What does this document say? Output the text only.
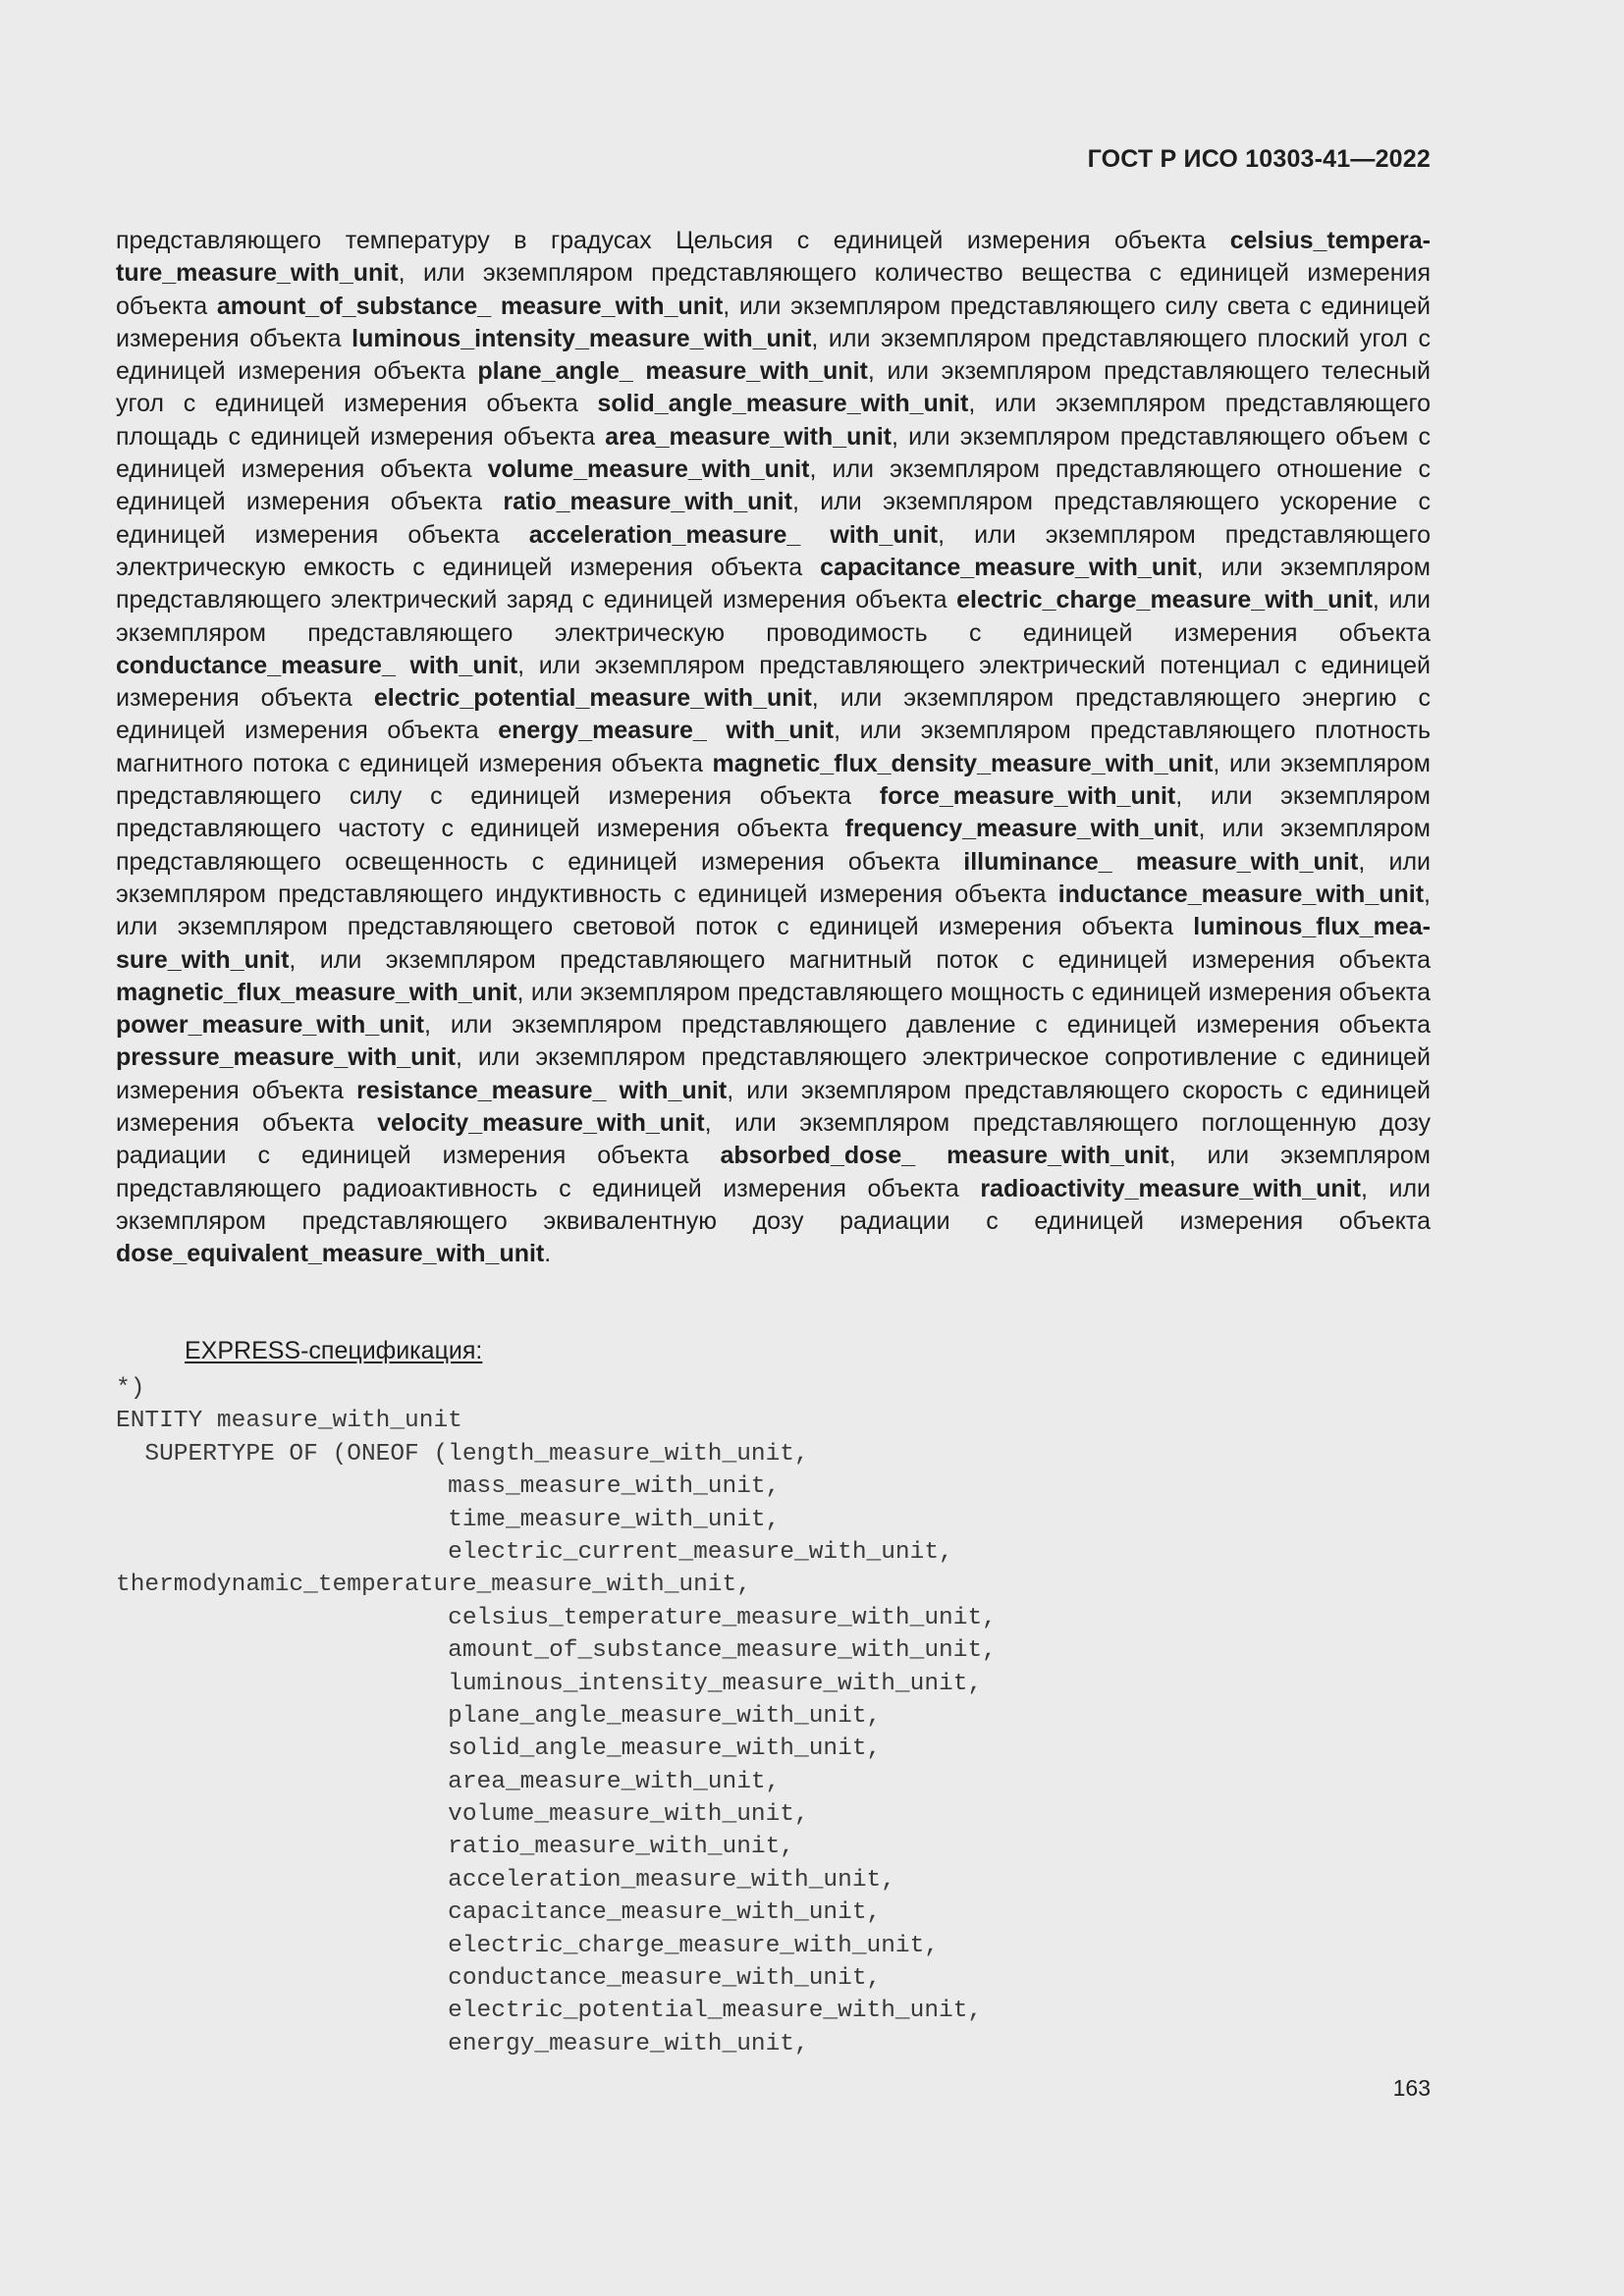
ГОСТ Р ИСО 10303-41—2022

представляющего температуру в градусах Цельсия с единицей измерения объекта celsius_temperature_measure_with_unit, или экземпляром представляющего количество вещества с единицей измерения объекта amount_of_substance_ measure_with_unit, или экземпляром представляющего силу света с единицей измерения объекта luminous_intensity_measure_with_unit, или экземпляром представляющего плоский угол с единицей измерения объекта plane_angle_ measure_with_unit, или экземпляром представляющего телесный угол с единицей измерения объекта solid_angle_measure_with_unit, или экземпляром представляющего площадь с единицей измерения объекта area_measure_with_unit, или экземпляром представляющего объем с единицей измерения объекта volume_measure_with_unit, или экземпляром представляющего отношение с единицей измерения объекта ratio_measure_with_unit, или экземпляром представляющего ускорение с единицей измерения объекта acceleration_measure_ with_unit, или экземпляром представляющего электрическую емкость с единицей измерения объекта capacitance_measure_with_unit, или экземпляром представляющего электрический заряд с единицей измерения объекта electric_charge_measure_with_unit, или экземпляром представляющего электрическую проводимость с единицей измерения объекта conductance_measure_ with_unit, или экземпляром представляющего электрический потенциал с единицей измерения объекта electric_potential_measure_with_unit, или экземпляром представляющего энергию с единицей измерения объекта energy_measure_ with_unit, или экземпляром представляющего плотность магнитного потока с единицей измерения объекта magnetic_flux_density_measure_with_unit, или экземпляром представляющего силу с единицей измерения объекта force_measure_with_unit, или экземпляром представляющего частоту с единицей измерения объекта frequency_measure_with_unit, или экземпляром представляющего освещенность с единицей измерения объекта illuminance_ measure_with_unit, или экземпляром представляющего индуктивность с единицей измерения объекта inductance_measure_with_unit, или экземпляром представляющего световой поток с единицей измерения объекта luminous_flux_measure_with_unit, или экземпляром представляющего магнитный поток с единицей измерения объекта magnetic_flux_measure_with_unit, или экземпляром представляющего мощность с единицей измерения объекта power_measure_with_unit, или экземпляром представляющего давление с единицей измерения объекта pressure_measure_with_unit, или экземпляром представляющего электрическое сопротивление с единицей измерения объекта resistance_measure_ with_unit, или экземпляром представляющего скорость с единицей измерения объекта velocity_measure_with_unit, или экземпляром представляющего поглощенную дозу радиации с единицей измерения объекта absorbed_dose_ measure_with_unit, или экземпляром представляющего радиоактивность с единицей измерения объекта radioactivity_measure_with_unit, или экземпляром представляющего эквивалентную дозу радиации с единицей измерения объекта dose_equivalent_measure_with_unit.

EXPRESS-спецификация:
*)
ENTITY measure_with_unit
SUPERTYPE OF (ONEOF (length_measure_with_unit,
mass_measure_with_unit,
time_measure_with_unit,
electric_current_measure_with_unit,
thermodynamic_temperature_measure_with_unit,
celsius_temperature_measure_with_unit,
amount_of_substance_measure_with_unit,
luminous_intensity_measure_with_unit,
plane_angle_measure_with_unit,
solid_angle_measure_with_unit,
area_measure_with_unit,
volume_measure_with_unit,
ratio_measure_with_unit,
acceleration_measure_with_unit,
capacitance_measure_with_unit,
electric_charge_measure_with_unit,
conductance_measure_with_unit,
electric_potential_measure_with_unit,
energy_measure_with_unit,
163
